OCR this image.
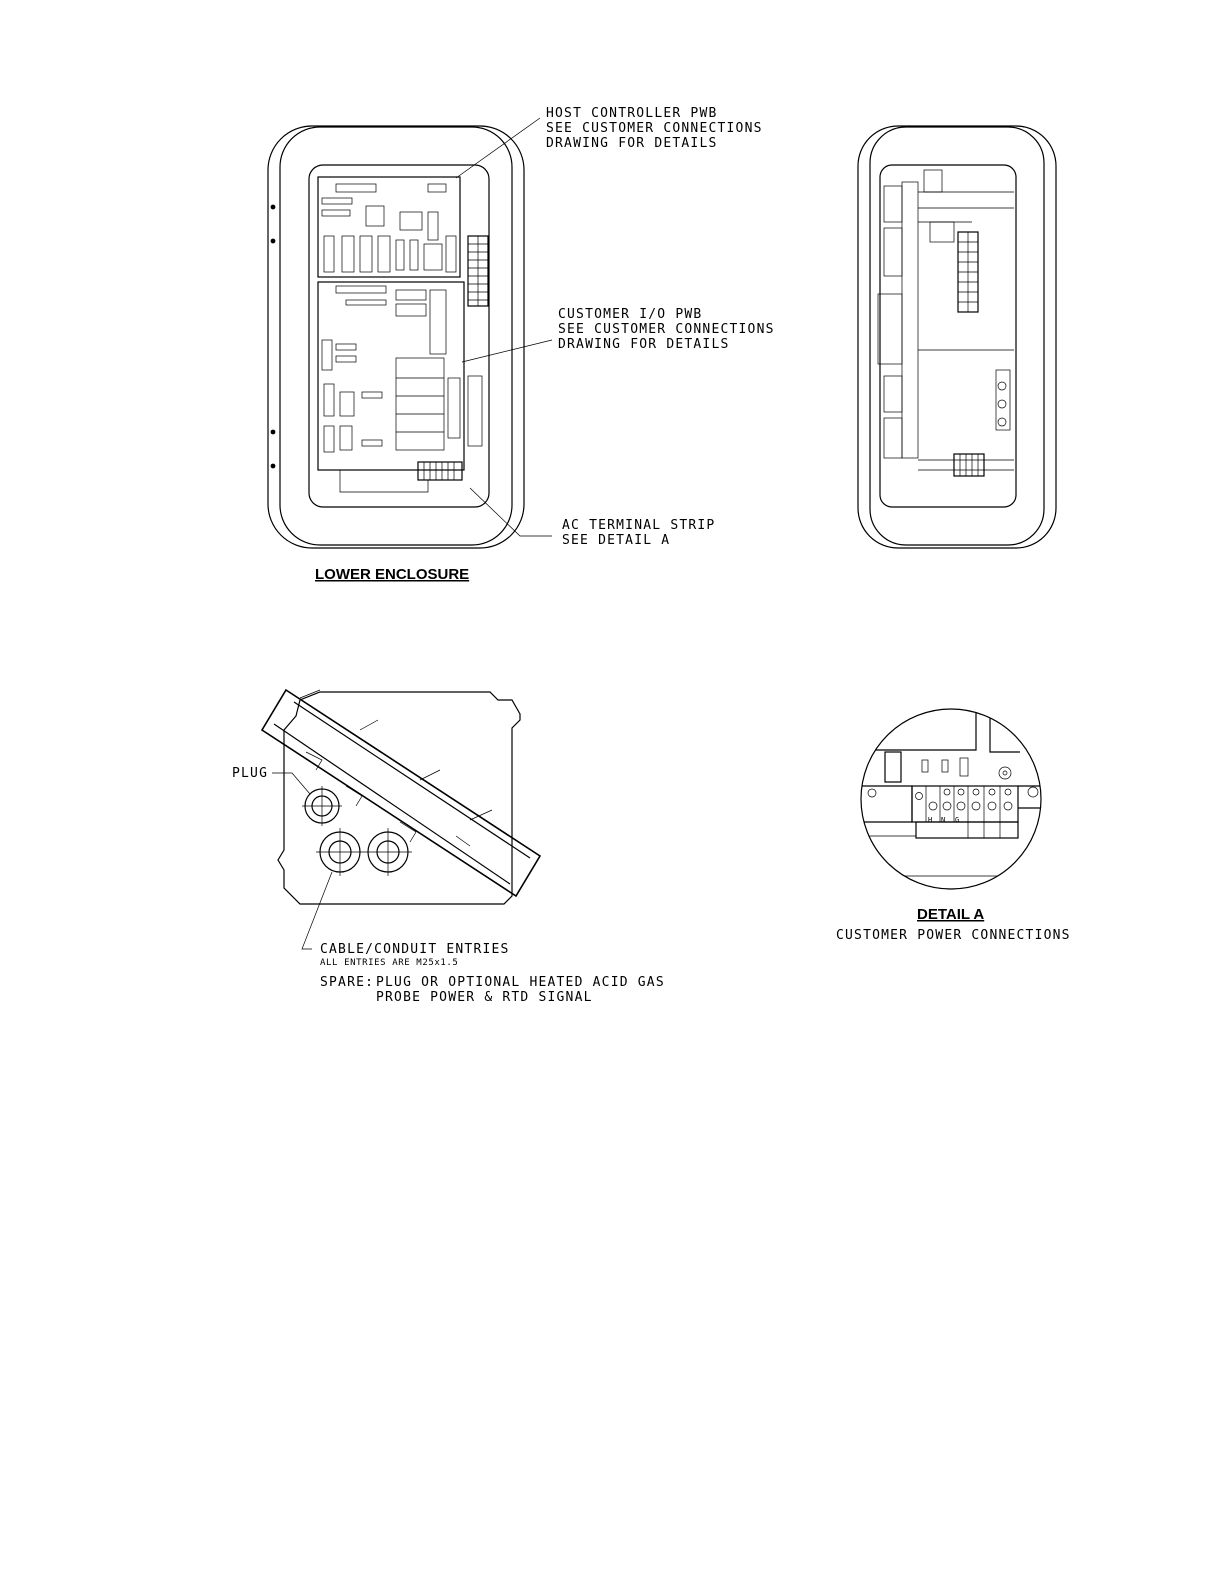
HOST CONTROLLER PWB
SEE CUSTOMER CONNECTIONS
DRAWING FOR DETAILS
CUSTOMER I/O PWB
SEE CUSTOMER CONNECTIONS
DRAWING FOR DETAILS
AC TERMINAL STRIP
SEE DETAIL A
LOWER ENCLOSURE
PLUG
CABLE/CONDUIT ENTRIES
ALL ENTRIES ARE M25x1.5
SPARE: PLUG OR OPTIONAL HEATED ACID GAS
PROBE POWER & RTD SIGNAL
H N G
DETAIL A
CUSTOMER POWER CONNECTIONS
